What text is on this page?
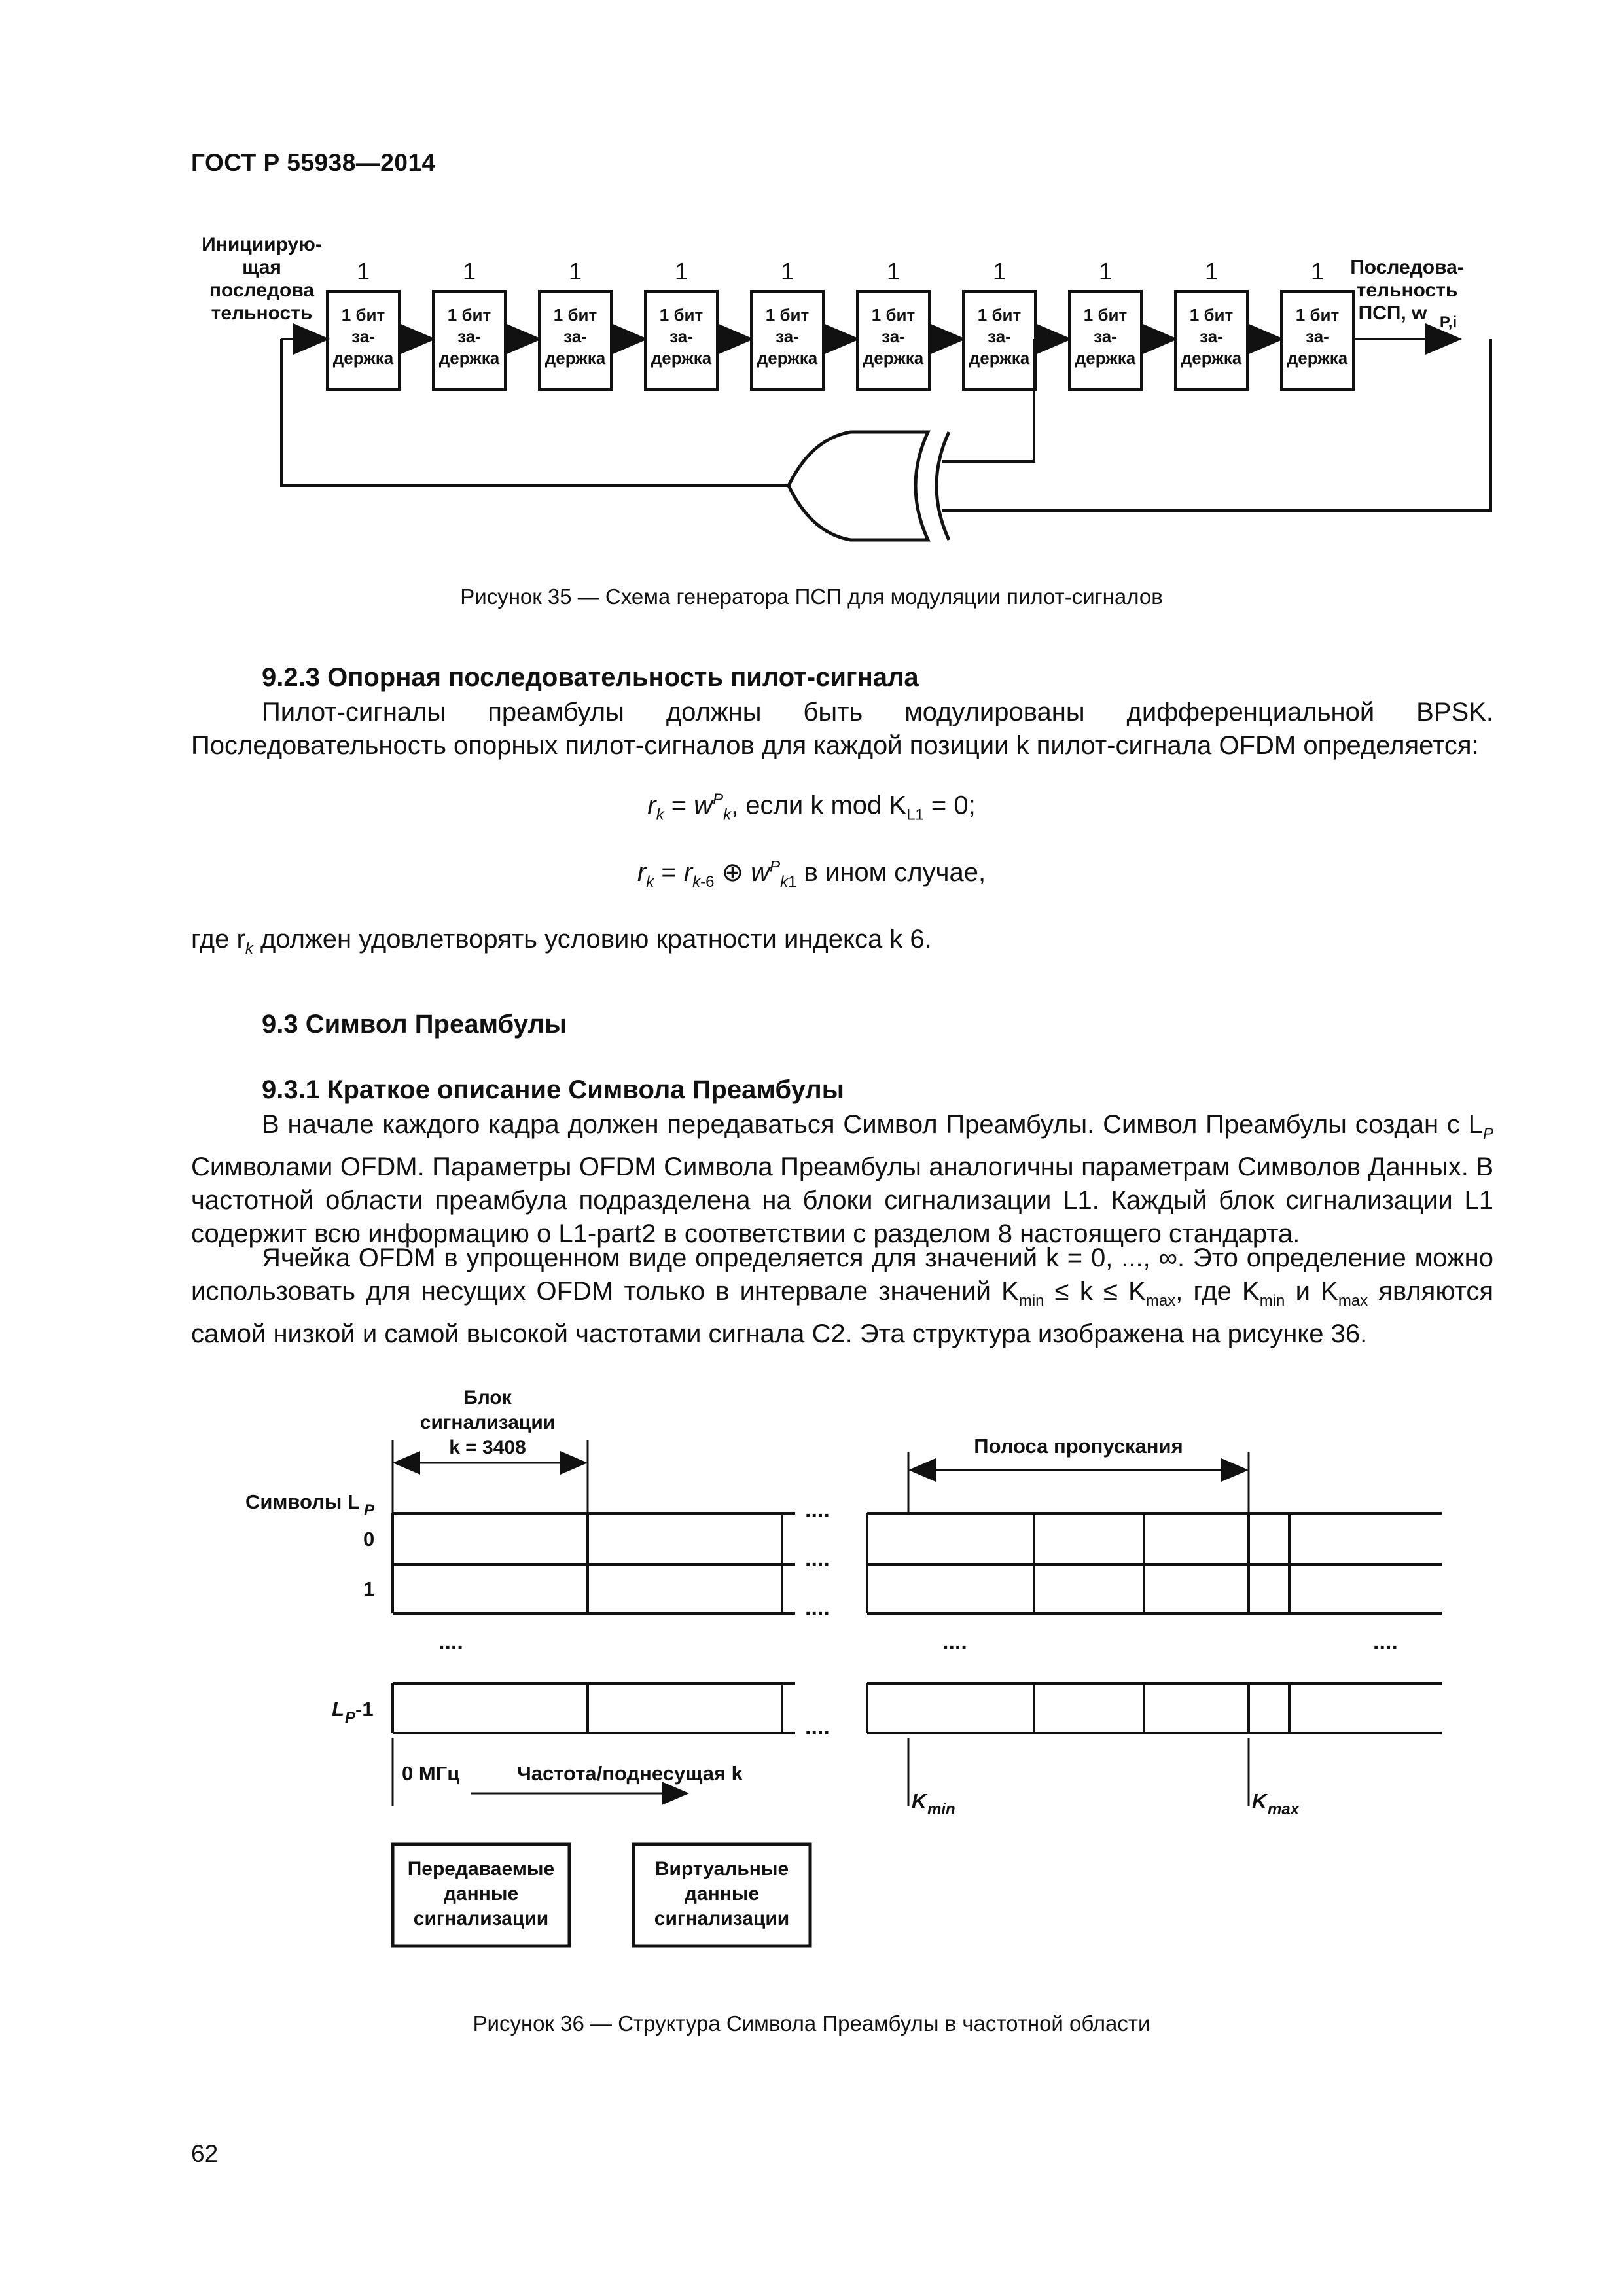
ГОСТ Р 55938—2014
Инициирую-
щая
последова
тельность
Последова-
тельность
ПСП, w P,i
1
1 бит
за-
держка
1
1 бит
за-
держка
1
1 бит
за-
держка
1
1 бит
за-
держка
1
1 бит
за-
держка
1
1 бит
за-
держка
1
1 бит
за-
держка
1
1 бит
за-
держка
1
1 бит
за-
держка
1
1 бит
за-
держка
Рисунок 35 — Схема генератора ПСП для модуляции пилот-сигналов
9.2.3 Опорная последовательность пилот-сигнала
Пилот-сигналы преамбулы должны быть модулированы дифференциальной BPSK. Последовательность опорных пилот-сигналов для каждой позиции k пилот-сигнала OFDM определяется:
$r_k = w^P_k$, если k mod $K_{L1} = 0$;
$r_k = r_{k-6}$ ⊕ $w^P_{k1}$ в ином случае,
где $r_k$ должен удовлетворять условию кратности индекса k 6.
9.3 Символ Преамбулы
9.3.1 Краткое описание Символа Преамбулы
В начале каждого кадра должен передаваться Символ Преамбулы. Символ Преамбулы создан с $L_P$ Символами OFDM. Параметры OFDM Символа Преамбулы аналогичны параметрам Символов Данных. В частотной области преамбула подразделена на блоки сигнализации L1. Каждый блок сигнализации L1 содержит всю информацию о L1-part2 в соответствии с разделом 8 настоящего стандарта.
Ячейка OFDM в упрощенном виде определяется для значений k = 0, ..., ∞. Это определение можно использовать для несущих OFDM только в интервале значений $K_{min} \le k \le K_{max}$, где $K_{min}$ и $K_{max}$ являются самой низкой и самой высокой частотами сигнала С2. Эта структура изображена на рисунке 36.
Блок
сигнализации
k = 3408	Полоса пропускания
Символы L P
0
1
L P -1
....
....
....
....
....	....	....
0 МГц	Частота/поднесущая k
K min	K max
Передаваемые
данные
сигнализации
Виртуальные
данные
сигнализации
Рисунок 36 — Структура Символа Преамбулы в частотной области
62
